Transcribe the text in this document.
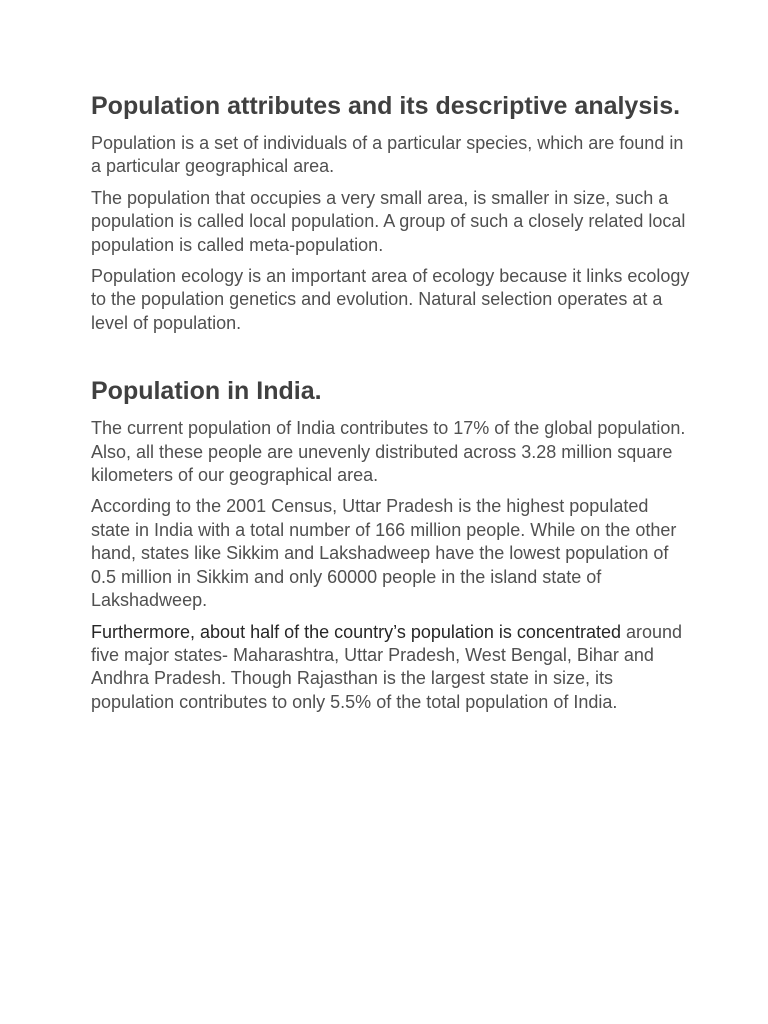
Population attributes and its descriptive analysis.

Population is a set of individuals of a particular species, which are found in a particular geographical area.

The population that occupies a very small area, is smaller in size, such a population is called local population. A group of such a closely related local population is called meta-population.

Population ecology is an important area of ecology because it links ecology to the population genetics and evolution. Natural selection operates at a level of population.

Population in India.

The current population of India contributes to 17% of the global population. Also, all these people are unevenly distributed across 3.28 million square kilometers of our geographical area.

According to the 2001 Census, Uttar Pradesh is the highest populated state in India with a total number of 166 million people. While on the other hand, states like Sikkim and Lakshadweep have the lowest population of 0.5 million in Sikkim and only 60000 people in the island state of Lakshadweep.

Furthermore, about half of the country’s population is concentrated around five major states- Maharashtra, Uttar Pradesh, West Bengal, Bihar and Andhra Pradesh. Though Rajasthan is the largest state in size, its population contributes to only 5.5% of the total population of India.
